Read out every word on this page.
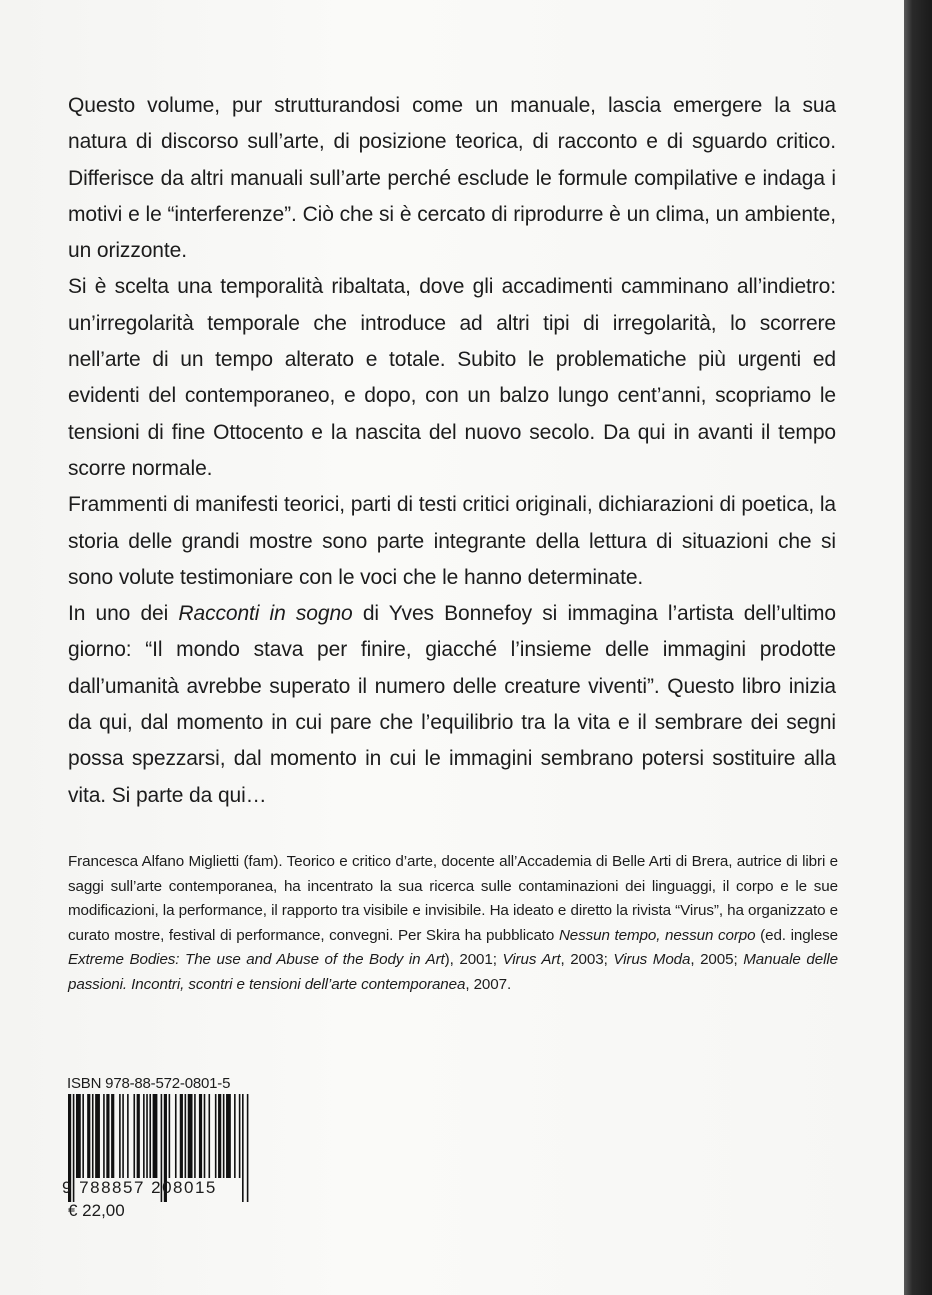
Questo volume, pur strutturandosi come un manuale, lascia emergere la sua natura di discorso sull’arte, di posizione teorica, di racconto e di sguardo critico. Differisce da altri manuali sull’arte perché esclude le formule compilative e indaga i motivi e le “interferenze”. Ciò che si è cercato di riprodurre è un clima, un ambiente, un orizzonte.

Si è scelta una temporalità ribaltata, dove gli accadimenti camminano all’indietro: un’irregolarità temporale che introduce ad altri tipi di irregolarità, lo scorrere nell’arte di un tempo alterato e totale. Subito le problematiche più urgenti ed evidenti del contemporaneo, e dopo, con un balzo lungo cent’anni, scopriamo le tensioni di fine Ottocento e la nascita del nuovo secolo. Da qui in avanti il tempo scorre normale.

Frammenti di manifesti teorici, parti di testi critici originali, dichiarazioni di poetica, la storia delle grandi mostre sono parte integrante della lettura di situazioni che si sono volute testimoniare con le voci che le hanno determinate.

In uno dei Racconti in sogno di Yves Bonnefoy si immagina l’artista dell’ultimo giorno: “Il mondo stava per finire, giacché l’insieme delle immagini prodotte dall’umanità avrebbe superato il numero delle creature viventi”. Questo libro inizia da qui, dal momento in cui pare che l’equilibrio tra la vita e il sembrare dei segni possa spezzarsi, dal momento in cui le immagini sembrano potersi sostituire alla vita. Si parte da qui…

Francesca Alfano Miglietti (fam). Teorico e critico d’arte, docente all’Accademia di Belle Arti di Brera, autrice di libri e saggi sull’arte contemporanea, ha incentrato la sua ricerca sulle contaminazioni dei linguaggi, il corpo e le sue modificazioni, la performance, il rapporto tra visibile e invisibile. Ha ideato e diretto la rivista “Virus”, ha organizzato e curato mostre, festival di performance, convegni. Per Skira ha pubblicato Nessun tempo, nessun corpo (ed. inglese Extreme Bodies: The use and Abuse of the Body in Art), 2001; Virus Art, 2003; Virus Moda, 2005; Manuale delle passioni. Incontri, scontri e tensioni dell’arte contemporanea, 2007.

ISBN 978-88-572-0801-5
9 788857 208015
€ 22,00
